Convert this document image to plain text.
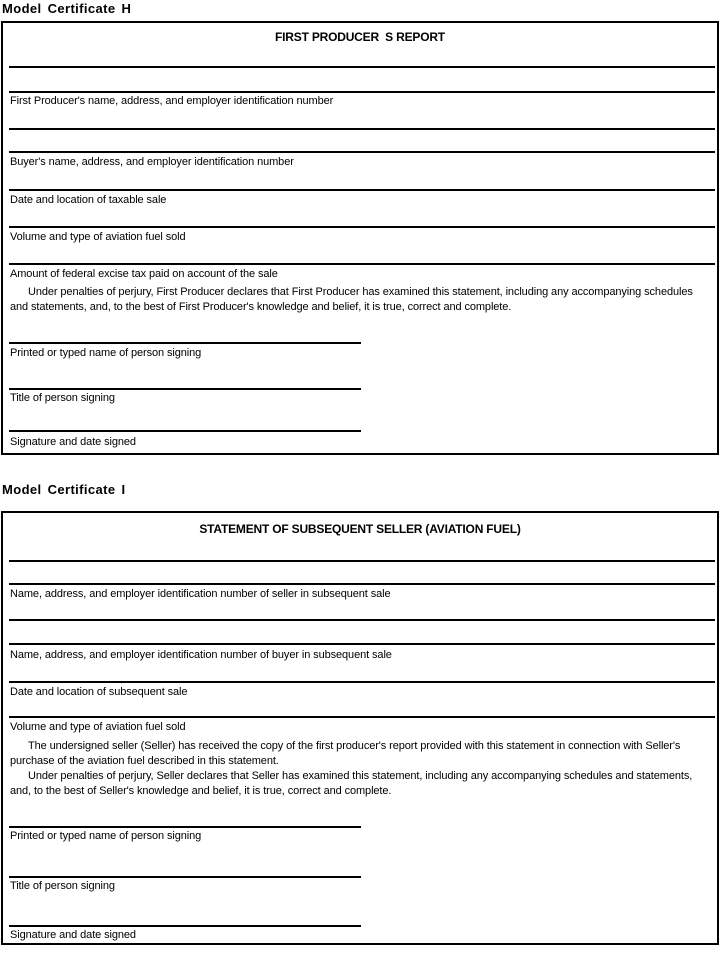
Model Certificate H
FIRST PRODUCER  S REPORT
First Producer's name, address, and employer identification number
Buyer's name, address, and employer identification number
Date and location of taxable sale
Volume and type of aviation fuel sold
Amount of federal excise tax paid on account of the sale
Under penalties of perjury, First Producer declares that First Producer has examined this statement, including any accompanying schedules and statements, and, to the best of First Producer's knowledge and belief, it is true, correct and complete.
Printed or typed name of person signing
Title of person signing
Signature and date signed
Model Certificate I
STATEMENT OF SUBSEQUENT SELLER (AVIATION FUEL)
Name, address, and employer identification number of seller in subsequent sale
Name, address, and employer identification number of buyer in subsequent sale
Date and location of subsequent sale
Volume and type of aviation fuel sold
The undersigned seller (Seller) has received the copy of the first producer's report provided with this statement in connection with Seller's purchase of the aviation fuel described in this statement.
Under penalties of perjury, Seller declares that Seller has examined this statement, including any accompanying schedules and statements, and, to the best of Seller's knowledge and belief, it is true, correct and complete.
Printed or typed name of person signing
Title of person signing
Signature and date signed
